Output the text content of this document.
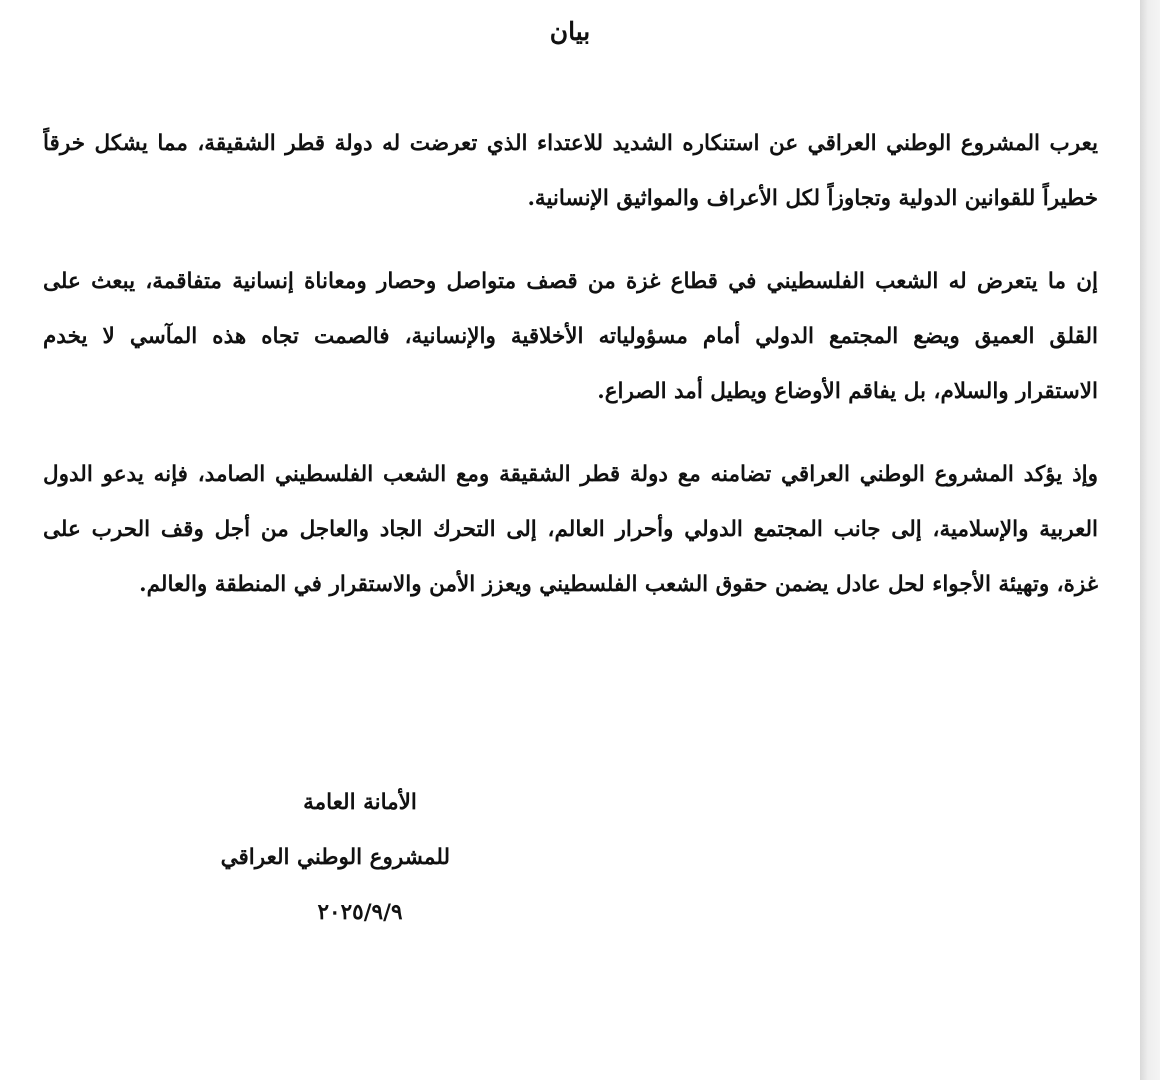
بيان

يعرب المشروع الوطني العراقي عن استنكاره الشديد للاعتداء الذي تعرضت له دولة قطر الشقيقة، مما يشكل خرقاً
خطيراً للقوانين الدولية وتجاوزاً لكل الأعراف والمواثيق الإنسانية.

إن ما يتعرض له الشعب الفلسطيني في قطاع غزة من قصف متواصل وحصار ومعاناة إنسانية متفاقمة، يبعث على
القلق العميق ويضع المجتمع الدولي أمام مسؤولياته الأخلاقية والإنسانية، فالصمت تجاه هذه المآسي لا يخدم
الاستقرار والسلام، بل يفاقم الأوضاع ويطيل أمد الصراع.

وإذ يؤكد المشروع الوطني العراقي تضامنه مع دولة قطر الشقيقة ومع الشعب الفلسطيني الصامد، فإنه يدعو الدول
العربية والإسلامية، إلى جانب المجتمع الدولي وأحرار العالم، إلى التحرك الجاد والعاجل من أجل وقف الحرب على
غزة، وتهيئة الأجواء لحل عادل يضمن حقوق الشعب الفلسطيني ويعزز الأمن والاستقرار في المنطقة والعالم.

الأمانة العامة
للمشروع الوطني العراقي
٢٠٢٥/٩/٩
